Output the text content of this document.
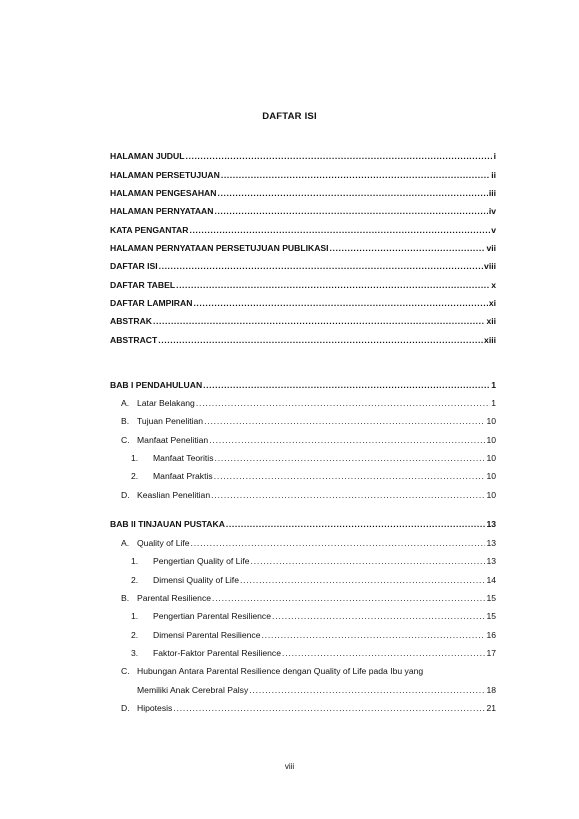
DAFTAR ISI
HALAMAN JUDUL .....	i
HALAMAN PERSETUJUAN .....	ii
HALAMAN PENGESAHAN .....	iii
HALAMAN PERNYATAAN .....	iv
KATA PENGANTAR .....	v
HALAMAN PERNYATAAN PERSETUJUAN PUBLIKASI .....	vii
DAFTAR ISI .....	viii
DAFTAR TABEL .....	x
DAFTAR LAMPIRAN .....	xi
ABSTRAK .....	xii
ABSTRACT .....	xiii
BAB I PENDAHULUAN .....	1
A. Latar Belakang .....	1
B. Tujuan Penelitian .....	10
C. Manfaat Penelitian .....	10
1.	Manfaat Teoritis .....	10
2.	Manfaat Praktis .....	10
D. Keaslian Penelitian .....	10
BAB II TINJAUAN PUSTAKA .....	13
A. Quality of Life .....	13
1.	Pengertian Quality of Life .....	13
2.	Dimensi Quality of Life .....	14
B. Parental Resilience .....	15
1.	Pengertian Parental Resilience .....	15
2.	Dimensi Parental Resilience .....	16
3.	Faktor-Faktor Parental Resilience .....	17
C. Hubungan Antara Parental Resilience dengan Quality of Life pada Ibu yang
Memiliki Anak Cerebral Palsy .....	18
D. Hipotesis .....	21
viii
